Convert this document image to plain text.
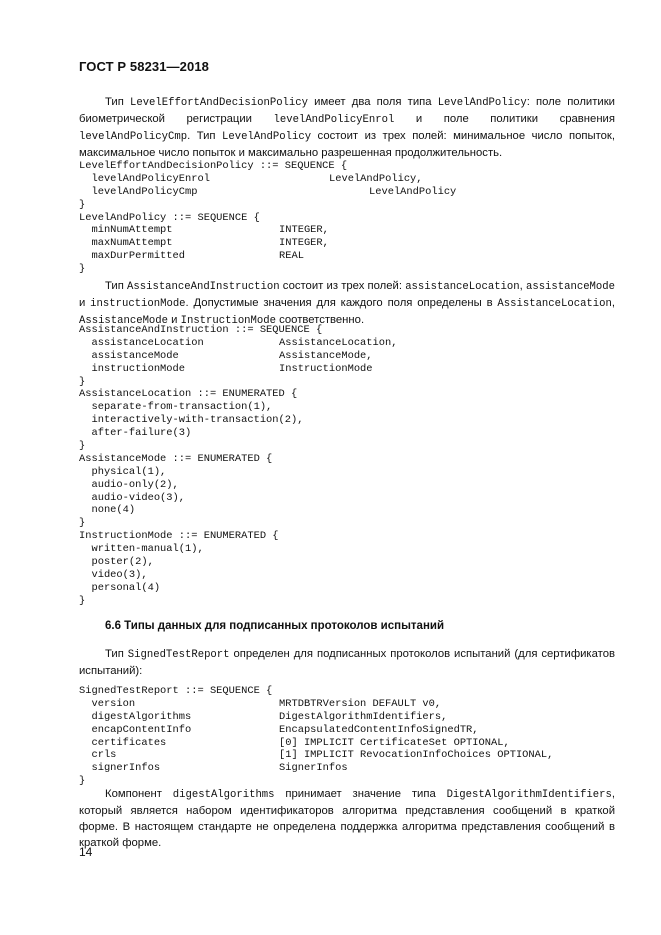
ГОСТ Р 58231—2018

Тип LevelEffortAndDecisionPolicy имеет два поля типа LevelAndPolicy: поле политики биометрической регистрации levelAndPolicyEnrol и поле политики сравнения levelAndPolicyCmp. Тип LevelAndPolicy состоит из трех полей: минимальное число попыток, максимальное число попыток и максимально разрешенная продолжительность.

LevelEffortAndDecisionPolicy ::= SEQUENCE {
levelAndPolicyEnrol	LevelAndPolicy,
levelAndPolicyCmp	LevelAndPolicy
}
LevelAndPolicy ::= SEQUENCE {
minNumAttempt	INTEGER,
maxNumAttempt	INTEGER,
maxDurPermitted	REAL
}

Тип AssistanceAndInstruction состоит из трех полей: assistanceLocation, assistanceMode и instructionMode. Допустимые значения для каждого поля определены в AssistanceLocation, AssistanceMode и InstructionMode соответственно.

AssistanceAndInstruction ::= SEQUENCE {
assistanceLocation	AssistanceLocation,
assistanceMode	AssistanceMode,
instructionMode	InstructionMode
}
AssistanceLocation ::= ENUMERATED {
separate-from-transaction(1),
interactively-with-transaction(2),
after-failure(3)
}
AssistanceMode ::= ENUMERATED {
physical(1),
audio-only(2),
audio-video(3),
none(4)
}
InstructionMode ::= ENUMERATED {
written-manual(1),
poster(2),
video(3),
personal(4)
}
6.6 Типы данных для подписанных протоколов испытаний

Тип SignedTestReport определен для подписанных протоколов испытаний (для сертификатов испытаний):

SignedTestReport ::= SEQUENCE {
version	MRTDBTRVersion DEFAULT v0,
digestAlgorithms	DigestAlgorithmIdentifiers,
encapContentInfo	EncapsulatedContentInfoSignedTR,
certificates	[0] IMPLICIT CertificateSet OPTIONAL,
crls	[1] IMPLICIT RevocationInfoChoices OPTIONAL,
signerInfos	SignerInfos
}

Компонент digestAlgorithms принимает значение типа DigestAlgorithmIdentifiers, который является набором идентификаторов алгоритма представления сообщений в краткой форме. В настоящем стандарте не определена поддержка алгоритма представления сообщений в краткой форме.

14
